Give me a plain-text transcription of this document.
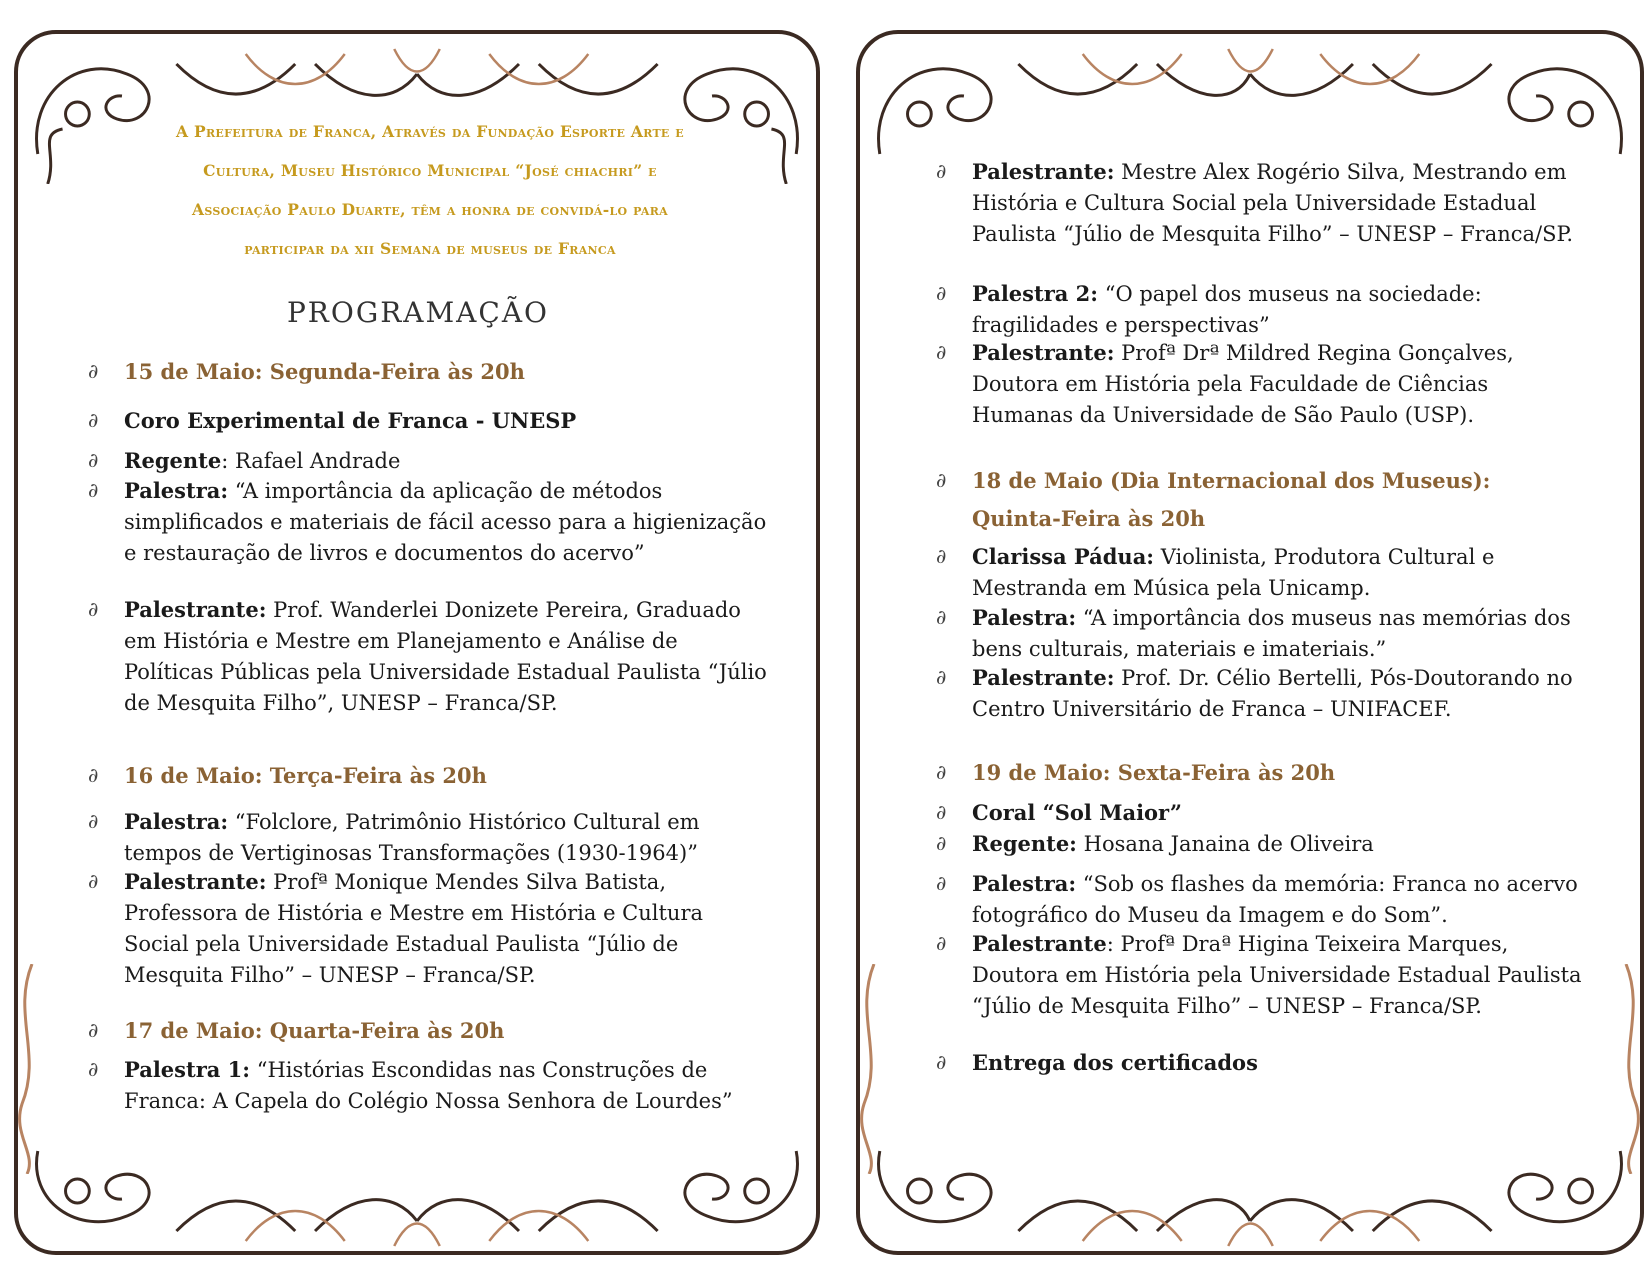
A Prefeitura de Franca, Através da Fundação Esporte Arte e
Cultura, Museu Histórico Municipal “José chiachri” e
Associação Paulo Duarte, têm a honra de convidá-lo para
participar da xii Semana de museus de Franca
PROGRAMAÇÃO
∂ 15 de Maio: Segunda-Feira às 20h
∂ Coro Experimental de Franca - UNESP
∂ Regente: Rafael Andrade
∂ Palestra: “A importância da aplicação de métodos simplificados e materiais de fácil acesso para a higienização e restauração de livros e documentos do acervo”
∂ Palestrante: Prof. Wanderlei Donizete Pereira, Graduado em História e Mestre em Planejamento e Análise de Políticas Públicas pela Universidade Estadual Paulista “Júlio de Mesquita Filho”, UNESP – Franca/SP.
∂ 16 de Maio: Terça-Feira às 20h
∂ Palestra: “Folclore, Patrimônio Histórico Cultural em tempos de Vertiginosas Transformações (1930-1964)”
∂ Palestrante: Profª Monique Mendes Silva Batista, Professora de História e Mestre em História e Cultura Social pela Universidade Estadual Paulista “Júlio de Mesquita Filho” – UNESP – Franca/SP.
∂ 17 de Maio: Quarta-Feira às 20h
∂ Palestra 1: “Histórias Escondidas nas Construções de Franca: A Capela do Colégio Nossa Senhora de Lourdes”
∂ Palestrante: Mestre Alex Rogério Silva, Mestrando em História e Cultura Social pela Universidade Estadual Paulista “Júlio de Mesquita Filho” – UNESP – Franca/SP.
∂ Palestra 2: “O papel dos museus na sociedade: fragilidades e perspectivas”
∂ Palestrante: Profª Drª Mildred Regina Gonçalves, Doutora em História pela Faculdade de Ciências Humanas da Universidade de São Paulo (USP).
∂ 18 de Maio (Dia Internacional dos Museus):
Quinta-Feira às 20h
∂ Clarissa Pádua: Violinista, Produtora Cultural e Mestranda em Música pela Unicamp.
∂ Palestra: “A importância dos museus nas memórias dos bens culturais, materiais e imateriais.”
∂ Palestrante: Prof. Dr. Célio Bertelli, Pós-Doutorando no Centro Universitário de Franca – UNIFACEF.
∂ 19 de Maio: Sexta-Feira às 20h
∂ Coral “Sol Maior”
∂ Regente: Hosana Janaina de Oliveira
∂ Palestra: “Sob os flashes da memória: Franca no acervo fotográfico do Museu da Imagem e do Som”.
∂ Palestrante: Profª Draª Higina Teixeira Marques, Doutora em História pela Universidade Estadual Paulista “Júlio de Mesquita Filho” – UNESP – Franca/SP.
∂ Entrega dos certificados
